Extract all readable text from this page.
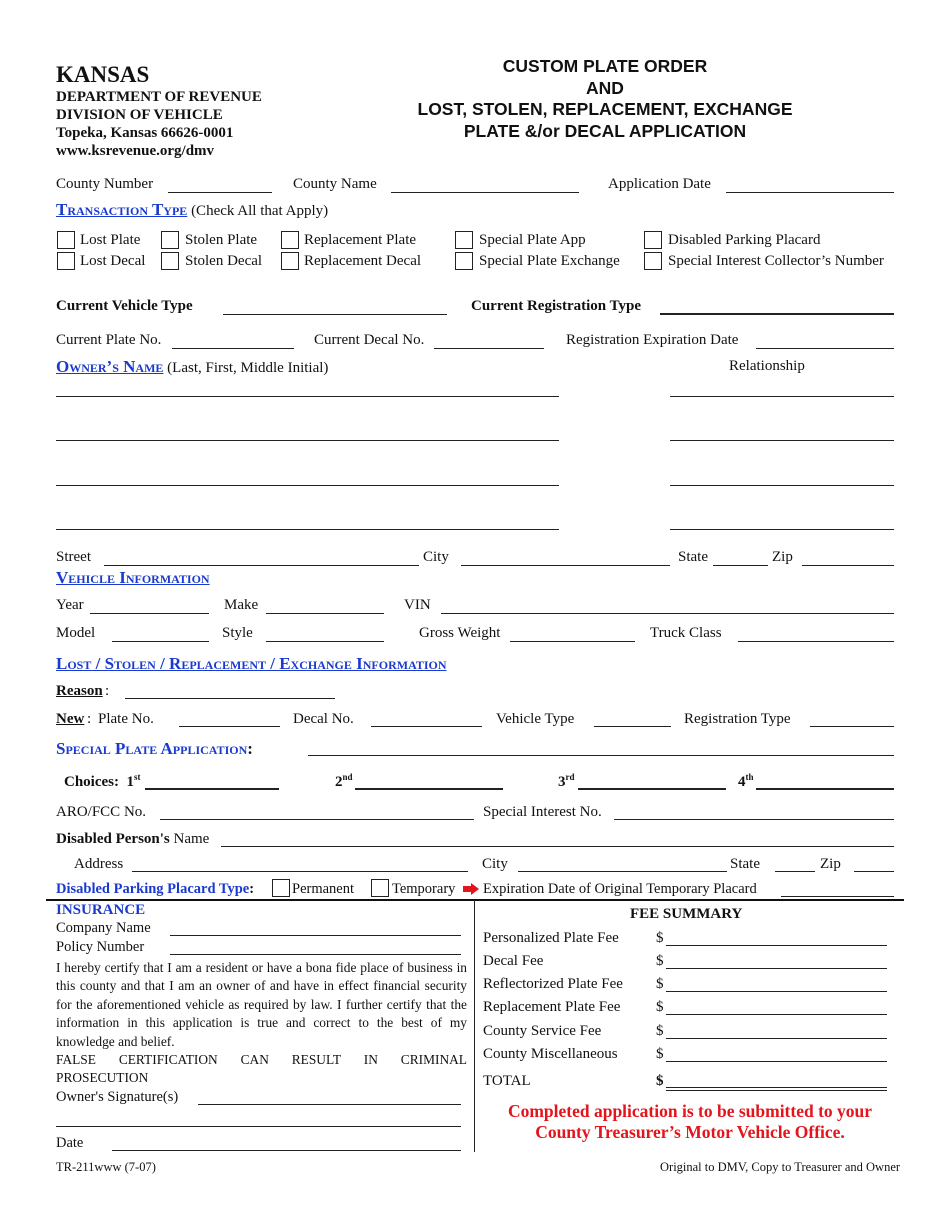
KANSAS
DEPARTMENT OF REVENUE
DIVISION OF VEHICLE
Topeka, Kansas 66626-0001
www.ksrevenue.org/dmv
CUSTOM PLATE ORDER
AND
LOST, STOLEN, REPLACEMENT, EXCHANGE
PLATE &/or DECAL APPLICATION
County Number	County Name	Application Date
Transaction Type (Check All that Apply)
Lost Plate	Stolen Plate	Replacement Plate	Special Plate App	Disabled Parking Placard
Lost Decal	Stolen Decal	Replacement Decal	Special Plate Exchange	Special Interest Collector’s Number
Current Vehicle Type	Current Registration Type
Current Plate No.	Current Decal No.	Registration Expiration Date
Owner’s Name (Last, First, Middle Initial)	Relationship
Street	City	State	Zip
Vehicle Information
Year	Make	VIN
Model	Style	Gross Weight	Truck Class
Lost / Stolen / Replacement / Exchange Information
Reason :
New : Plate No.	Decal No.	Vehicle Type	Registration Type
Special Plate Application:
Choices: 1st	2nd	3rd	4th
ARO/FCC No.	Special Interest No.
Disabled Person's Name
Address	City	State	Zip
Disabled Parking Placard Type:	Permanent	Temporary Expiration Date of Original Temporary Placard
INSURANCE
Company Name
Policy Number
I hereby certify that I am a resident or have a bona fide place of business in this county and that I am an owner of and have in effect financial security for the aforementioned vehicle as required by law. I further certify that the information in this application is true and correct to the best of my knowledge and belief.
FALSE CERTIFICATION CAN RESULT IN CRIMINAL PROSECUTION
Owner's Signature(s)
Date
FEE SUMMARY
Personalized Plate Fee $
Decal Fee	$
Reflectorized Plate Fee $
Replacement Plate Fee $
County Service Fee	$
County Miscellaneous	$
TOTAL	$
Completed application is to be submitted to your County Treasurer’s Motor Vehicle Office.
TR-211www (7-07)	Original to DMV, Copy to Treasurer and Owner
